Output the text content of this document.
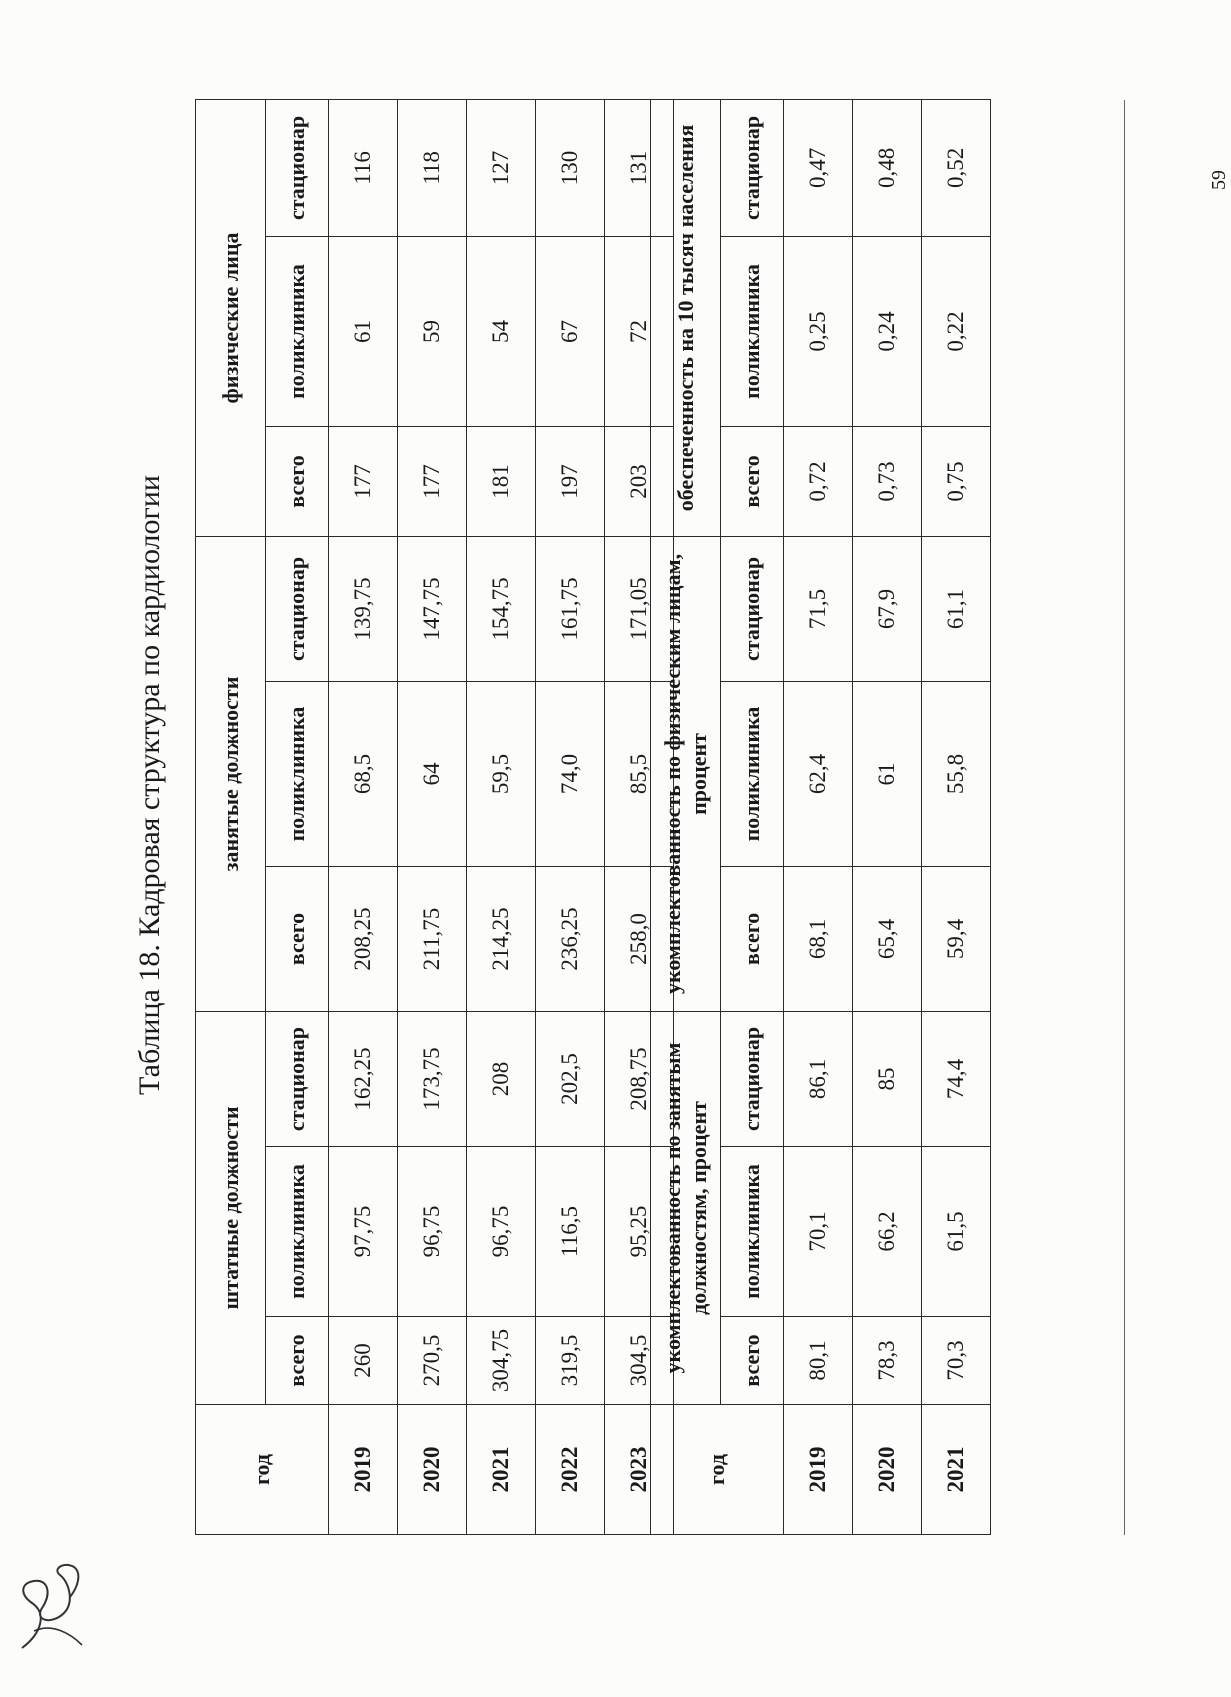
Таблица 18. Кадровая структура по кардиологии
год	штатные должности			занятые должности			физические лица		
	всего	поликлиника	стационар	всего	поликлиника	стационар	всего	поликлиника	стационар
2019	260	97,75	162,25	208,25	68,5	139,75	177	61	116
2020	270,5	96,75	173,75	211,75	64	147,75	177	59	118
2021	304,75	96,75	208	214,25	59,5	154,75	181	54	127
2022	319,5	116,5	202,5	236,25	74,0	161,75	197	67	130
2023	304,5	95,25	208,75	258,0	85,5	171,05	203	72	131
год	укомплектованность по занятым должностям, процент			укомплектованность по физическим лицам, процент			обеспеченность на 10 тысяч населения		
	всего	поликлиника	стационар	всего	поликлиника	стационар	всего	поликлиника	стационар
2019	80,1	70,1	86,1	68,1	62,4	71,5	0,72	0,25	0,47
2020	78,3	66,2	85	65,4	61	67,9	0,73	0,24	0,48
2021	70,3	61,5	74,4	59,4	55,8	61,1	0,75	0,22	0,52	59
